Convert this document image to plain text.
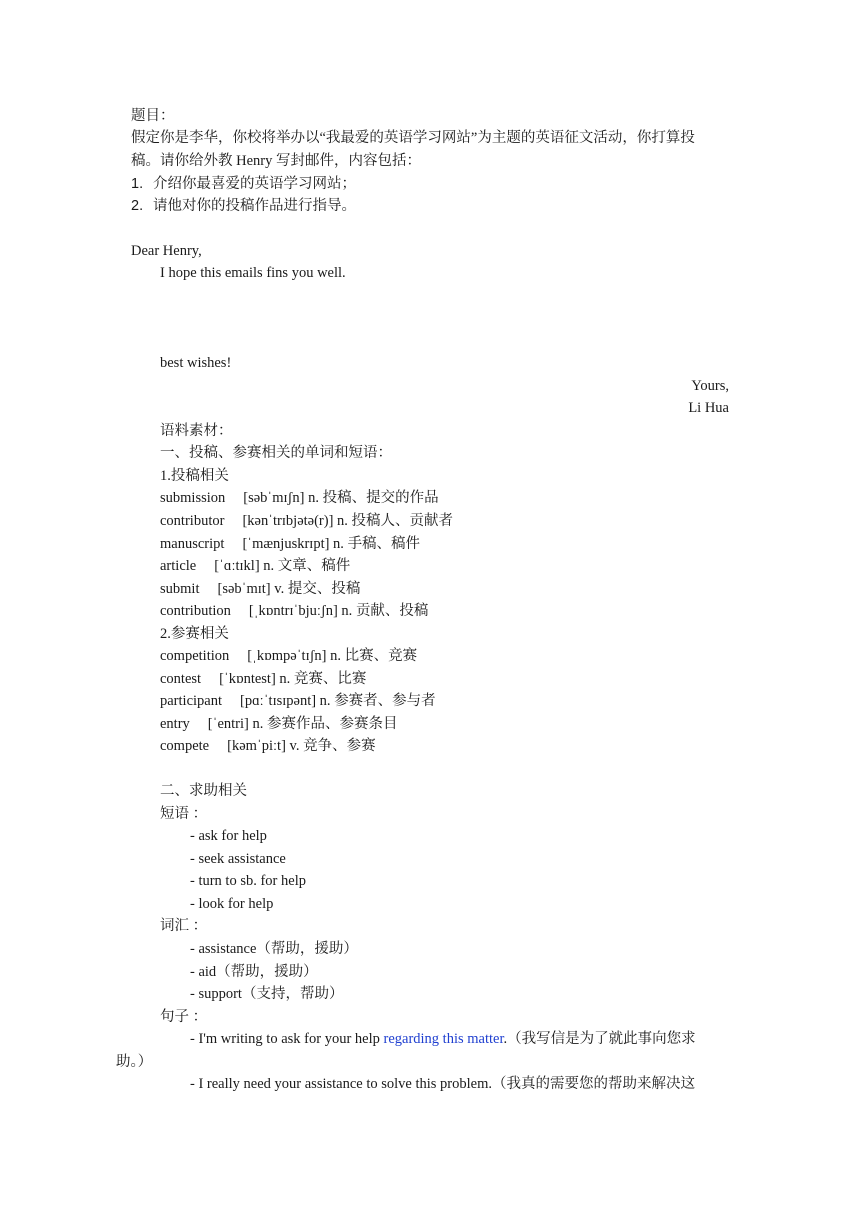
题目：
假定你是李华，你校将举办以“我最爱的英语学习网站”为主题的英语征文活动，你打算投
稿。请你给外教 Henry 写封邮件，内容包括：
1. 介绍你最喜爱的英语学习网站；
2. 请他对你的投稿作品进行指导。
Dear Henry,
I hope this emails fins you well.
best wishes!
Yours,
Li Hua
语料素材：
一、投稿、参赛相关的单词和短语：
1.投稿相关
submission [səbˈmɪʃn] n. 投稿、提交的作品
contributor [kənˈtrɪbjətə(r)] n. 投稿人、贡献者
manuscript [ˈmænjuskrɪpt] n. 手稿、稿件
article [ˈɑːtɪkl] n. 文章、稿件
submit [səbˈmɪt] v. 提交、投稿
contribution [ˌkɒntrɪˈbjuːʃn] n. 贡献、投稿
2.参赛相关
competition [ˌkɒmpəˈtɪʃn] n. 比赛、竞赛
contest [ˈkɒntest] n. 竞赛、比赛
participant [pɑːˈtɪsɪpənt] n. 参赛者、参与者
entry [ˈentri] n. 参赛作品、参赛条目
compete [kəmˈpiːt] v. 竞争、参赛
二、求助相关
短语 ：
- ask for help
- seek assistance
- turn to sb. for help
- look for help
词汇 ：
- assistance（帮助，援助）
- aid（帮助，援助）
- support（支持，帮助）
句子 ：
- I'm writing to ask for your help regarding this matter.（我写信是为了就此事向您求
助。）
- I really need your assistance to solve this problem.（我真的需要您的帮助来解决这
